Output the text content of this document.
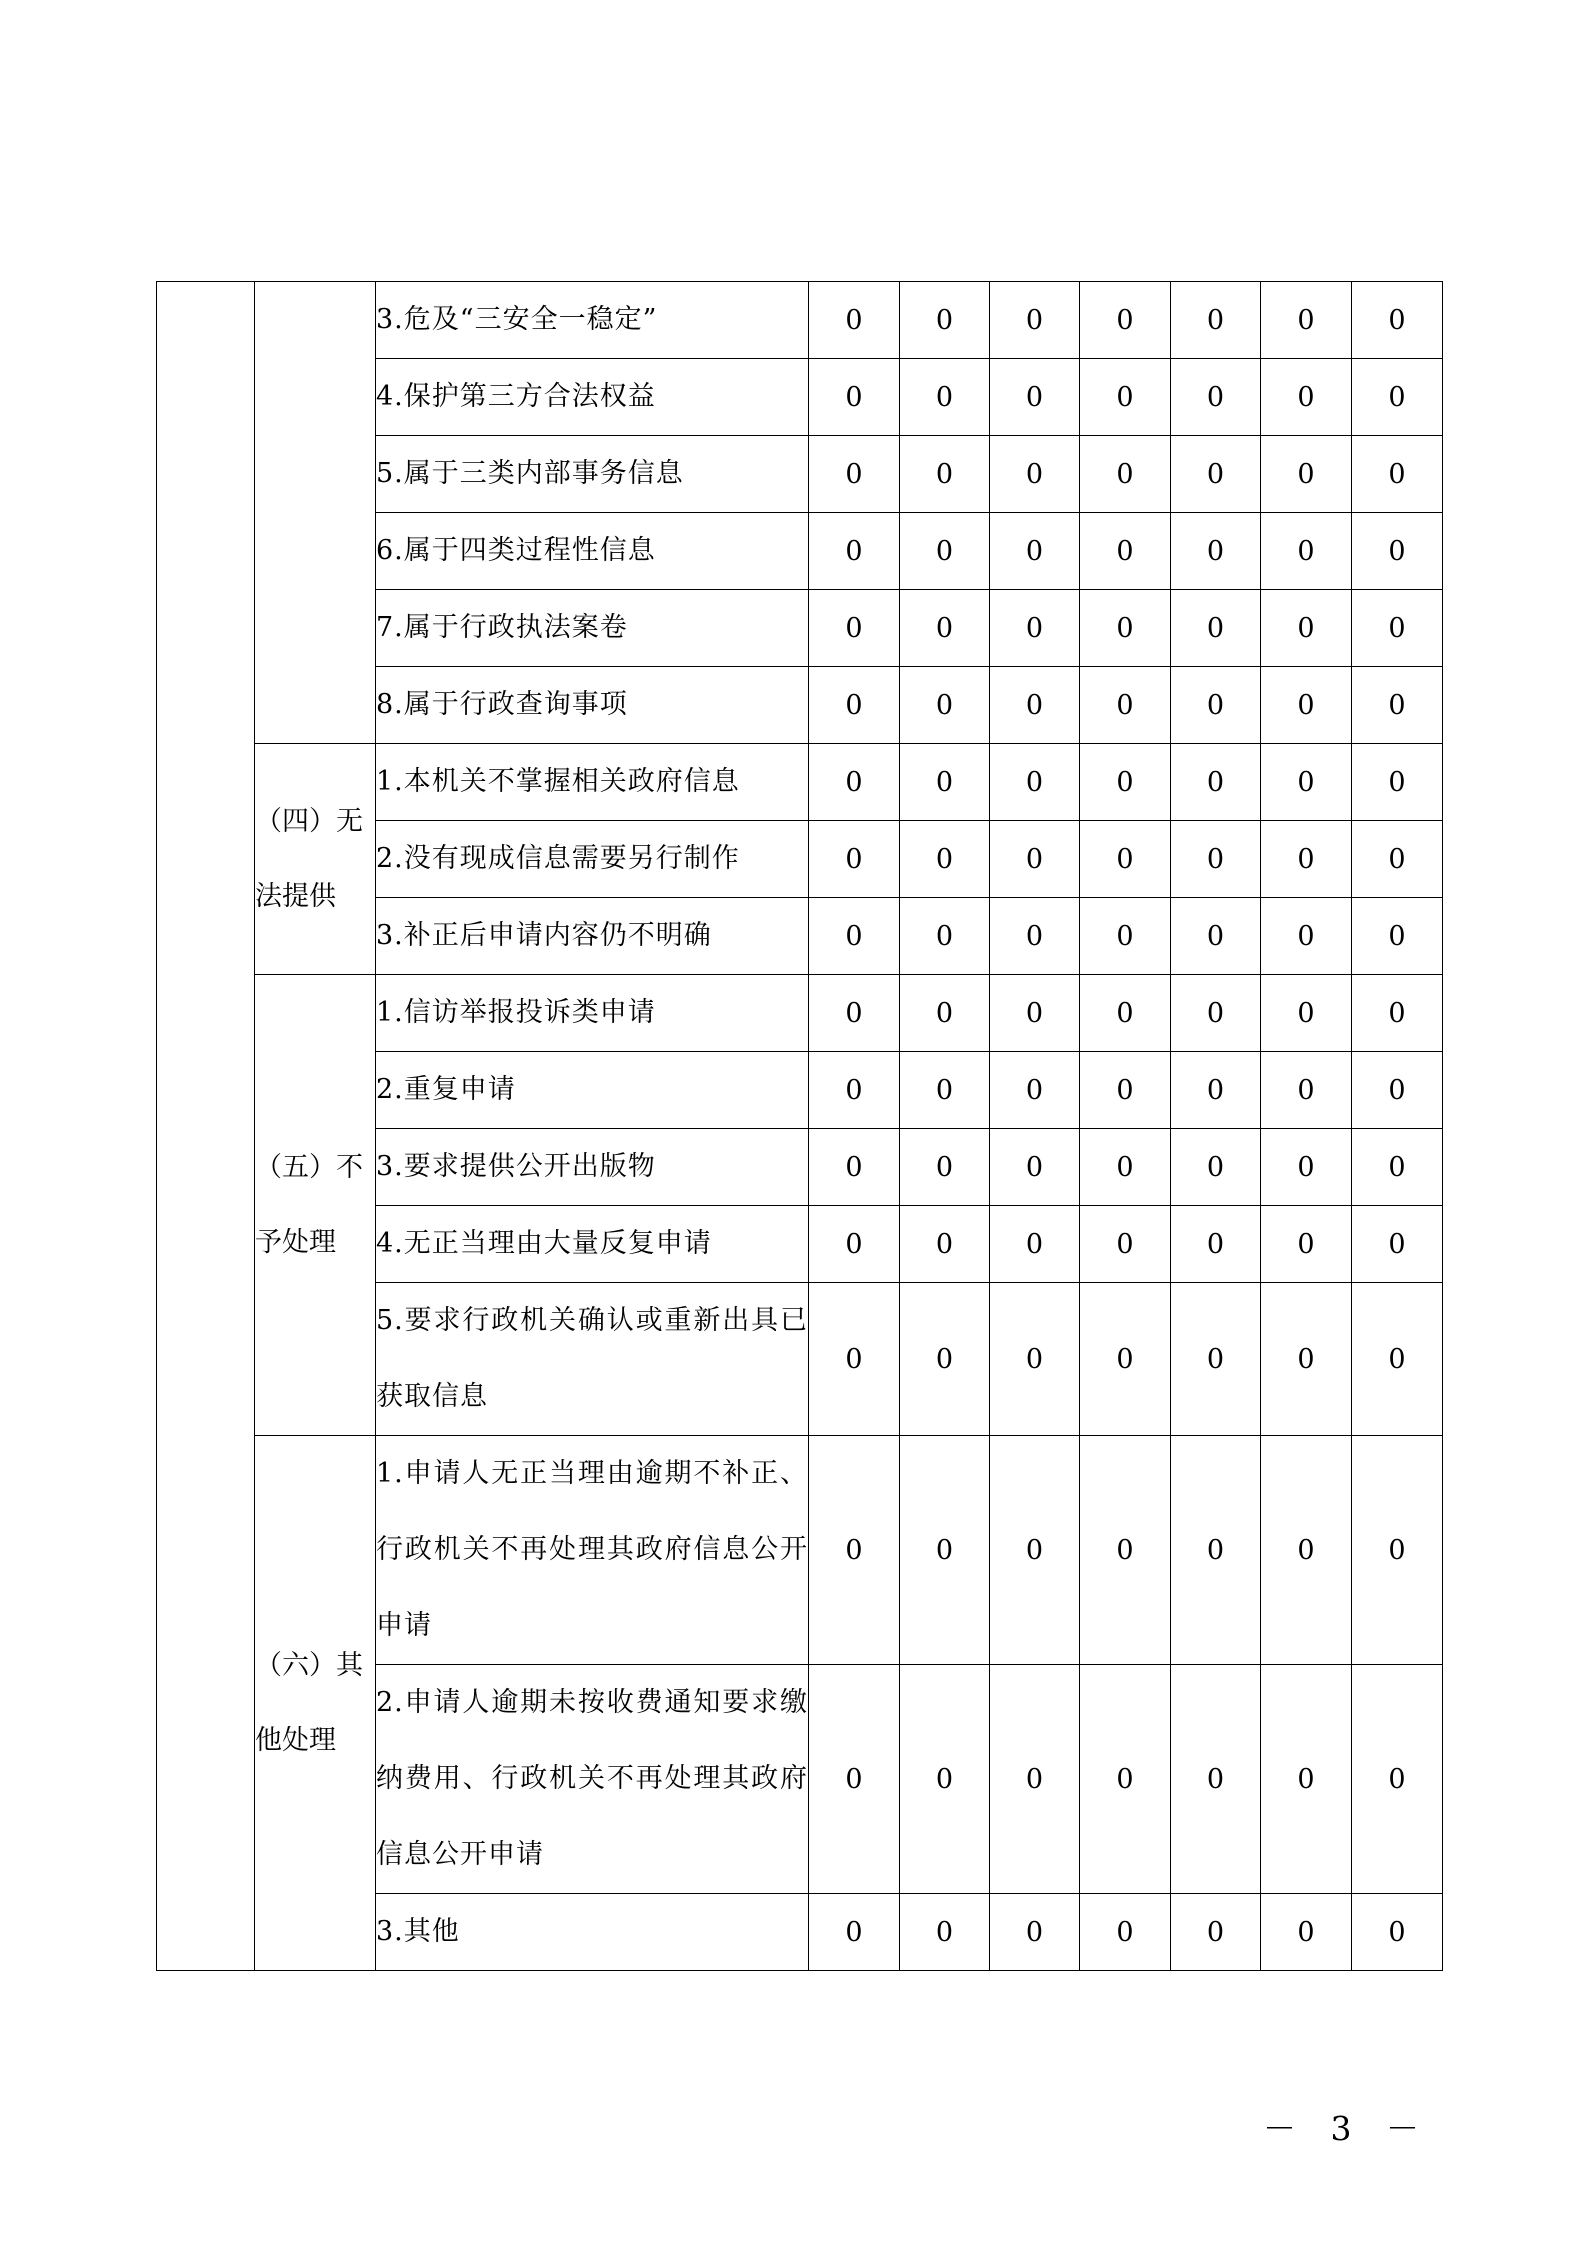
		3.危及“三安全一稳定”	0	0	0	0	0	0	0
		4.保护第三方合法权益	0	0	0	0	0	0	0
		5.属于三类内部事务信息	0	0	0	0	0	0	0
		6.属于四类过程性信息	0	0	0	0	0	0	0
		7.属于行政执法案卷	0	0	0	0	0	0	0
		8.属于行政查询事项	0	0	0	0	0	0	0
	（四）无法提供	1.本机关不掌握相关政府信息	0	0	0	0	0	0	0
		2.没有现成信息需要另行制作	0	0	0	0	0	0	0
		3.补正后申请内容仍不明确	0	0	0	0	0	0	0
	（五）不予处理	1.信访举报投诉类申请	0	0	0	0	0	0	0
		2.重复申请	0	0	0	0	0	0	0
		3.要求提供公开出版物	0	0	0	0	0	0	0
		4.无正当理由大量反复申请	0	0	0	0	0	0	0
		5.要求行政机关确认或重新出具已获取信息	0	0	0	0	0	0	0
	（六）其他处理	1.申请人无正当理由逾期不补正、行政机关不再处理其政府信息公开申请	0	0	0	0	0	0	0
		2.申请人逾期未按收费通知要求缴纳费用、行政机关不再处理其政府信息公开申请	0	0	0	0	0	0	0
		3.其他	0	0	0	0	0	0	0
－ 3 －
